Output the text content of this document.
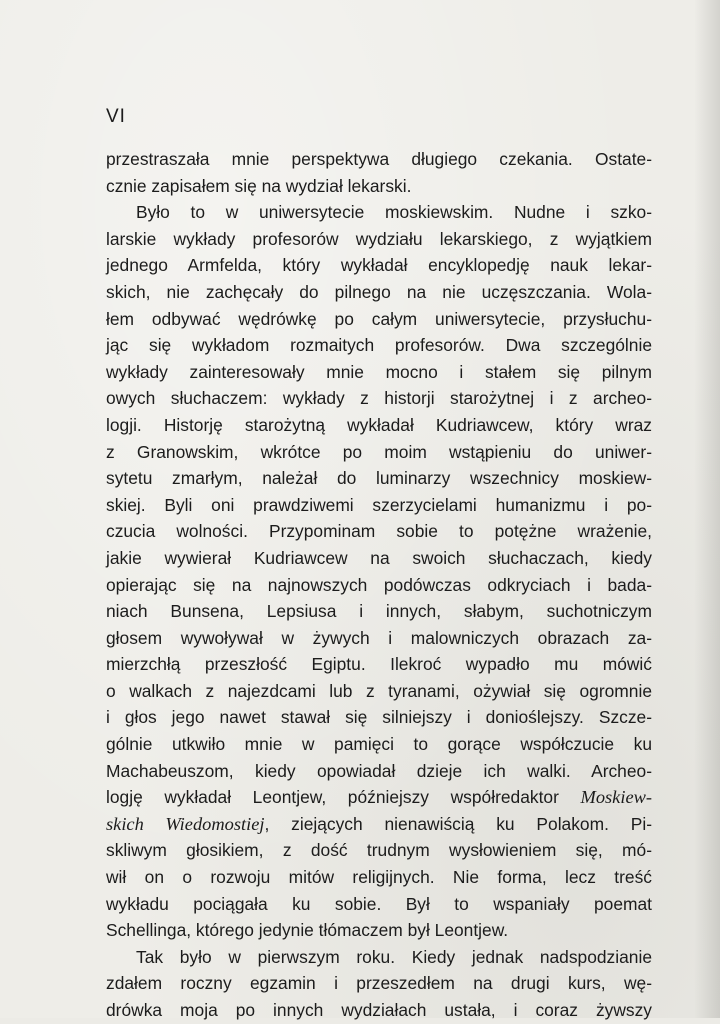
VI
przestraszała mnie perspektywa długiego czekania. Ostate-
cznie zapisałem się na wydział lekarski.
Było to w uniwersytecie moskiewskim. Nudne i szko-
larskie wykłady profesorów wydziału lekarskiego, z wyjątkiem
jednego Armfelda, który wykładał encyklopedję nauk lekar-
skich, nie zachęcały do pilnego na nie uczęszczania. Wola-
łem odbywać wędrówkę po całym uniwersytecie, przysłuchu-
jąc się wykładom rozmaitych profesorów. Dwa szczególnie
wykłady zainteresowały mnie mocno i stałem się pilnym
owych słuchaczem: wykłady z historji starożytnej i z archeo-
logji. Historję starożytną wykładał Kudriawcew, który wraz
z Granowskim, wkrótce po moim wstąpieniu do uniwer-
sytetu zmarłym, należał do luminarzy wszechnicy moskiew-
skiej. Byli oni prawdziwemi szerzycielami humanizmu i po-
czucia wolności. Przypominam sobie to potężne wrażenie,
jakie wywierał Kudriawcew na swoich słuchaczach, kiedy
opierając się na najnowszych podówczas odkryciach i bada-
niach Bunsena, Lepsiusa i innych, słabym, suchotniczym
głosem wywoływał w żywych i malowniczych obrazach za-
mierzchłą przeszłość Egiptu. Ilekroć wypadło mu mówić
o walkach z najezdcami lub z tyranami, ożywiał się ogromnie
i głos jego nawet stawał się silniejszy i donioślejszy. Szcze-
gólnie utkwiło mnie w pamięci to gorące współczucie ku
Machabeuszom, kiedy opowiadał dzieje ich walki. Archeo-
logję wykładał Leontjew, późniejszy współredaktor Moskiew-
skich Wiedomostiej, ziejących nienawiścią ku Polakom. Pi-
skliwym głosikiem, z dość trudnym wysłowieniem się, mó-
wił on o rozwoju mitów religijnych. Nie forma, lecz treść
wykładu pociągała ku sobie. Był to wspaniały poemat
Schellinga, którego jedynie tłómaczem był Leontjew.
Tak było w pierwszym roku. Kiedy jednak nadspodzianie
zdałem roczny egzamin i przeszedłem na drugi kurs, wę-
drówka moja po innych wydziałach ustała, i coraz żywszy
